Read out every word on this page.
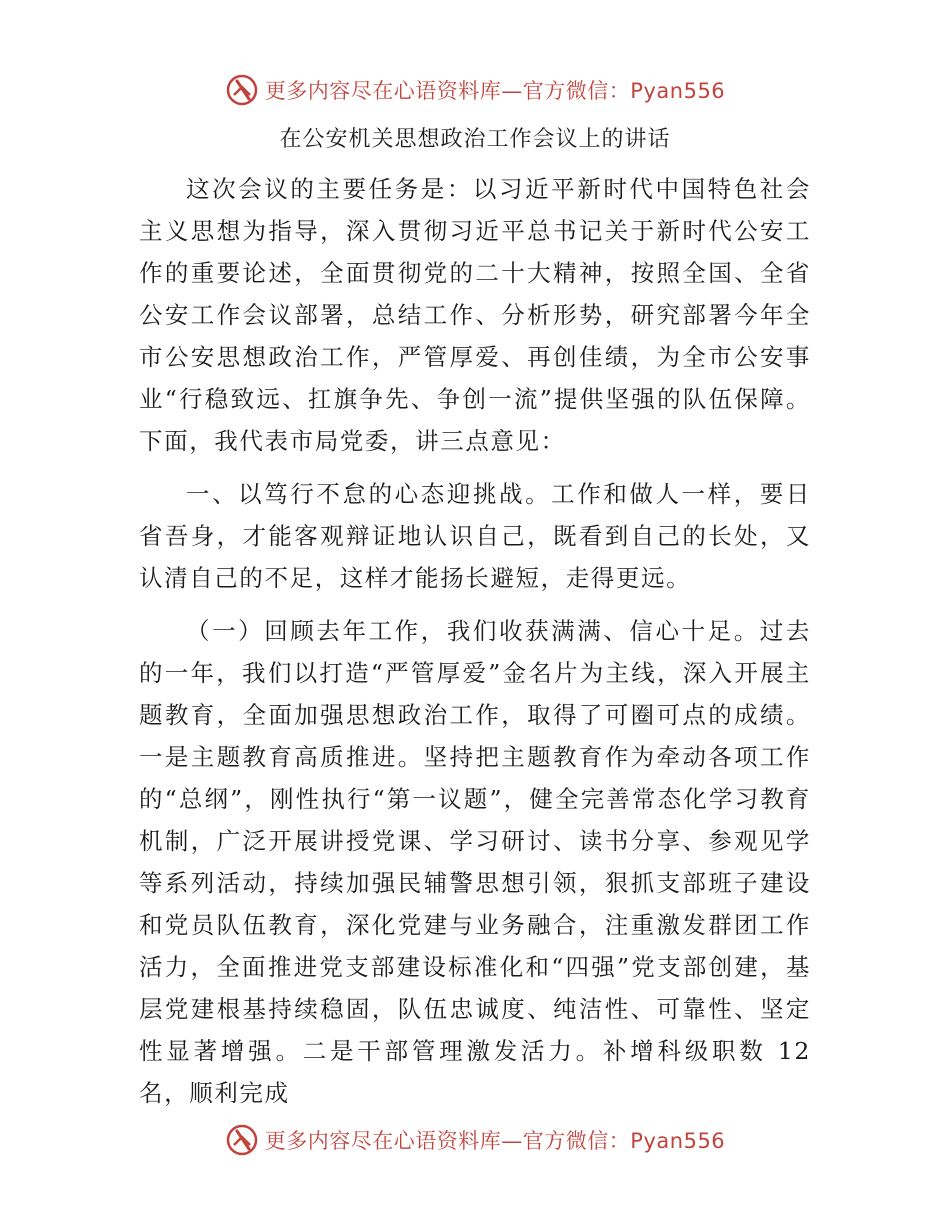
更多内容尽在心语资料库—官方微信：Pyan556
在公安机关思想政治工作会议上的讲话

这次会议的主要任务是：以习近平新时代中国特色社会主义思想为指导，深入贯彻习近平总书记关于新时代公安工作的重要论述，全面贯彻党的二十大精神，按照全国、全省公安工作会议部署，总结工作、分析形势，研究部署今年全市公安思想政治工作，严管厚爱、再创佳绩，为全市公安事业“行稳致远、扛旗争先、争创一流”提供坚强的队伍保障。下面，我代表市局党委，讲三点意见：

一、以笃行不怠的心态迎挑战。工作和做人一样，要日省吾身，才能客观辩证地认识自己，既看到自己的长处，又认清自己的不足，这样才能扬长避短，走得更远。

（一）回顾去年工作，我们收获满满、信心十足。过去的一年，我们以打造“严管厚爱”金名片为主线，深入开展主题教育，全面加强思想政治工作，取得了可圈可点的成绩。一是主题教育高质推进。坚持把主题教育作为牵动各项工作的“总纲”，刚性执行“第一议题”，健全完善常态化学习教育机制，广泛开展讲授党课、学习研讨、读书分享、参观见学等系列活动，持续加强民辅警思想引领，狠抓支部班子建设和党员队伍教育，深化党建与业务融合，注重激发群团工作活力，全面推进党支部建设标准化和“四强”党支部创建，基层党建根基持续稳固，队伍忠诚度、纯洁性、可靠性、坚定性显著增强。二是干部管理激发活力。补增科级职数 12 名，顺利完成

更多内容尽在心语资料库—官方微信：Pyan556
